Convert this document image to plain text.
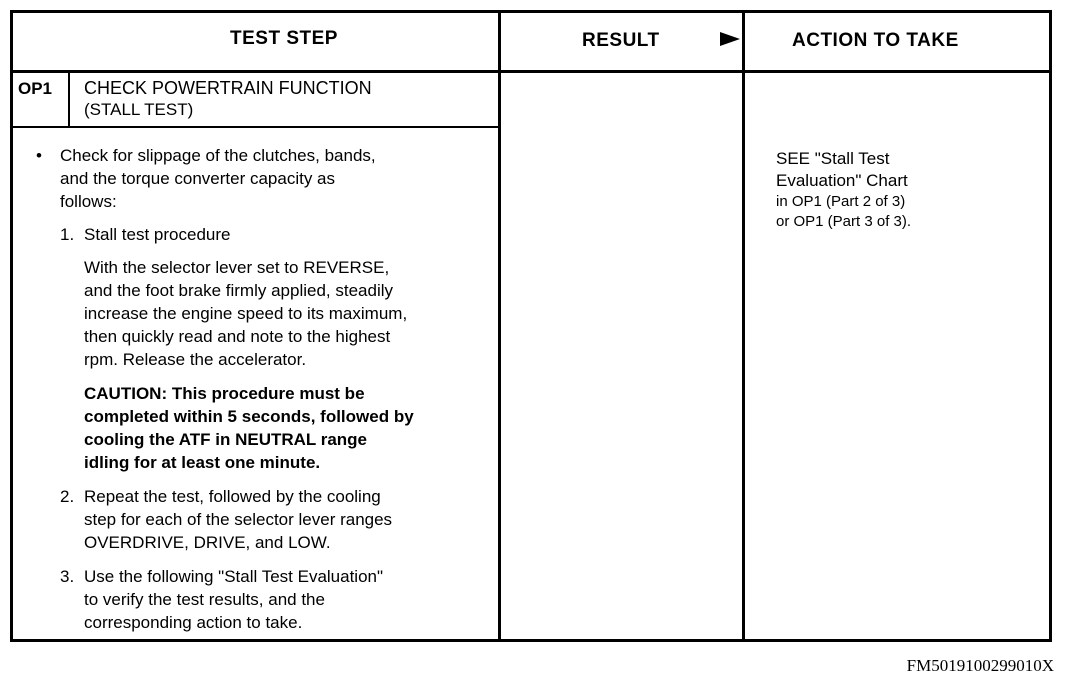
TEST STEP	RESULT	ACTION TO TAKE
OP1 CHECK POWERTRAIN FUNCTION
(STALL TEST)
• Check for slippage of the clutches, bands,
and the torque converter capacity as
follows:
1. Stall test procedure
With the selector lever set to REVERSE,
and the foot brake firmly applied, steadily
increase the engine speed to its maximum,
then quickly read and note to the highest
rpm. Release the accelerator.
CAUTION: This procedure must be
completed within 5 seconds, followed by
cooling the ATF in NEUTRAL range
idling for at least one minute.
2. Repeat the test, followed by the cooling
step for each of the selector lever ranges
OVERDRIVE, DRIVE, and LOW.
3. Use the following "Stall Test Evaluation"
to verify the test results, and the
corresponding action to take.
SEE "Stall Test
Evaluation" Chart
in OP1 (Part 2 of 3)
or OP1 (Part 3 of 3).
FM5019100299010X
